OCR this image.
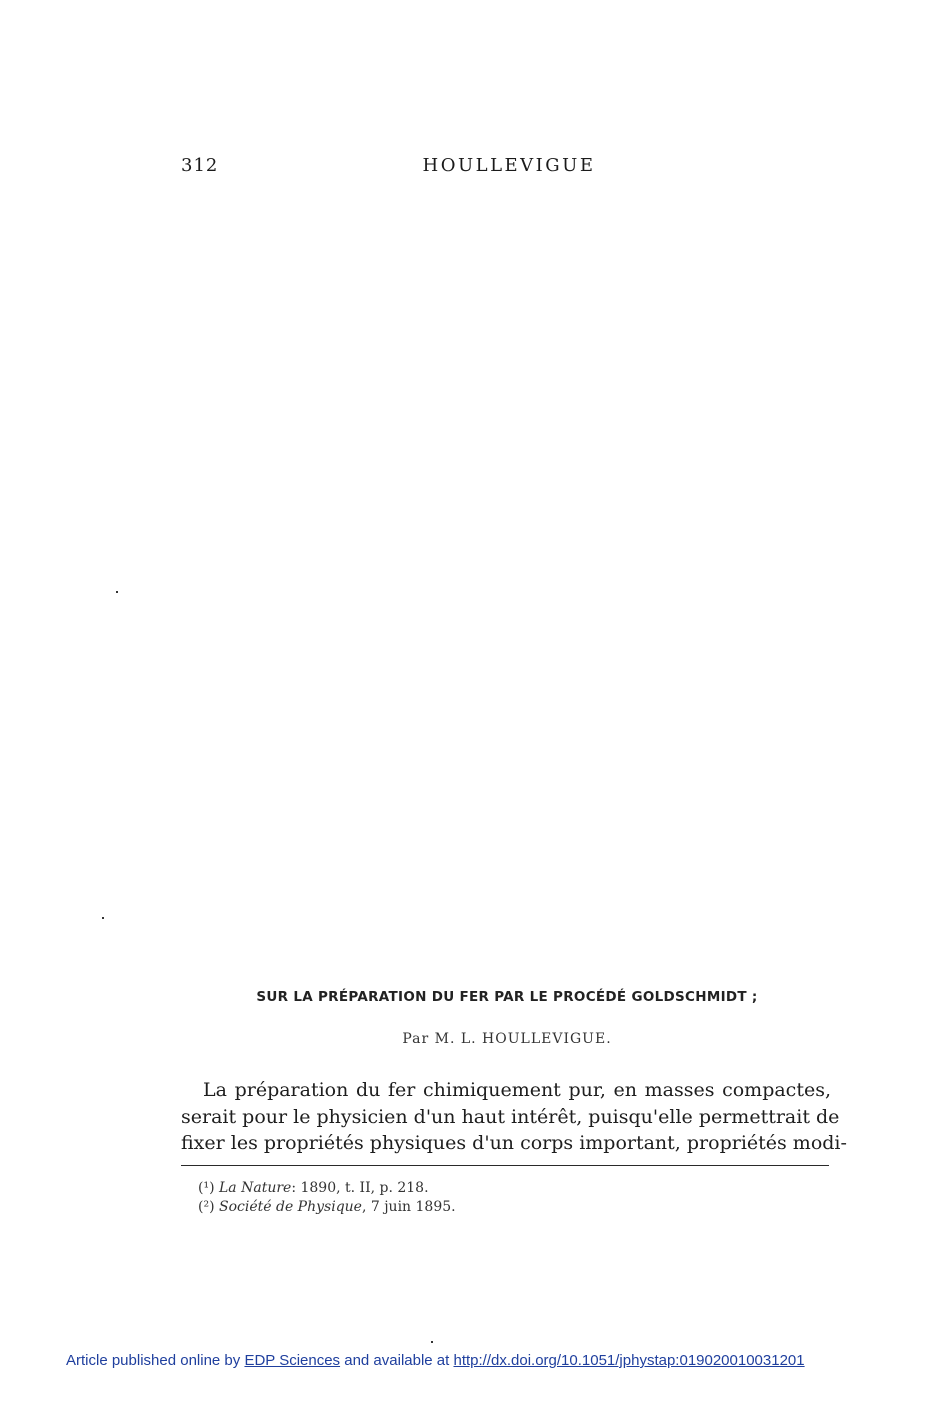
312	HOULLEVIGUE
SUR LA PRÉPARATION DU FER PAR LE PROCÉDÉ GOLDSCHMIDT ;
Par M. L. HOULLEVIGUE.
La préparation du fer chimiquement pur, en masses compactes,
serait pour le physicien d'un haut intérêt, puisqu'elle permettrait de
fixer les propriétés physiques d'un corps important, propriétés modi-
(¹) La Nature: 1890, t. II, p. 218.
(²) Société de Physique, 7 juin 1895.
Article published online by EDP Sciences and available at http://dx.doi.org/10.1051/jphystap:019020010031201
